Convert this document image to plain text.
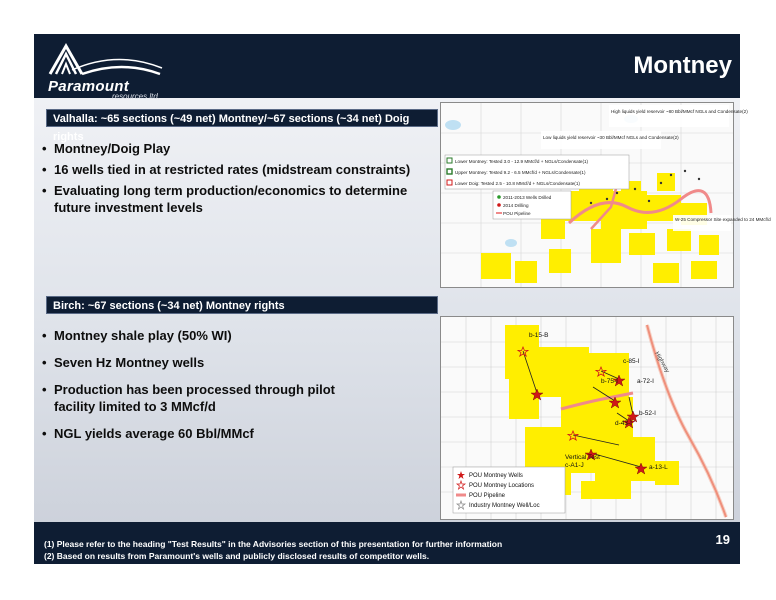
Paramount
resources ltd.
Montney
Valhalla: ~65 sections (~49 net) Montney/~67 sections (~34 net) Doig rights
• Montney/Doig Play
• 16 wells tied in at restricted rates (midstream constraints)
• Evaluating long term production/economics to determine future investment levels
High liquids yield reservoir ~80 Bbl/MMcf NGLs and Condensate(2)
Low liquids yield reservoir ~30 Bbl/MMcf NGLs and Condensate(2)
Lower Montney: Tested 3.0 - 12.9 MMcf/d + NGLs/Condensate(1)
Upper Montney: Tested 9.2 - 6.5 MMcf/d + NGLs/Condensate(1)
Lower Doig: Tested 2.5 - 10.8 MMcf/d + NGLs/Condensate(1)
2011-2013 Wells Drilled
2014 Drilling
POU Pipeline
W-25 Compressor Site expanded to 24 MMcf/d
Birch: ~67 sections (~34 net) Montney rights
• Montney shale play (50% WI)
• Seven Hz Montney wells
• Production has been processed through pilot facility limited to 3 MMcf/d
• NGL yields average 60 Bbl/MMcf
Highway
b-15-B
c-85-I
b-75-I	a-72-I
b-52-I
d-43-I
a-13-L
Vertical Test
c-A1-J
POU Montney Wells
POU Montney Locations
POU Pipeline
Industry Montney Well/Loc
(1) Please refer to the heading "Test Results" in the Advisories section of this presentation for further information
(2) Based on results from Paramount's wells and publicly disclosed results of competitor wells.
19
